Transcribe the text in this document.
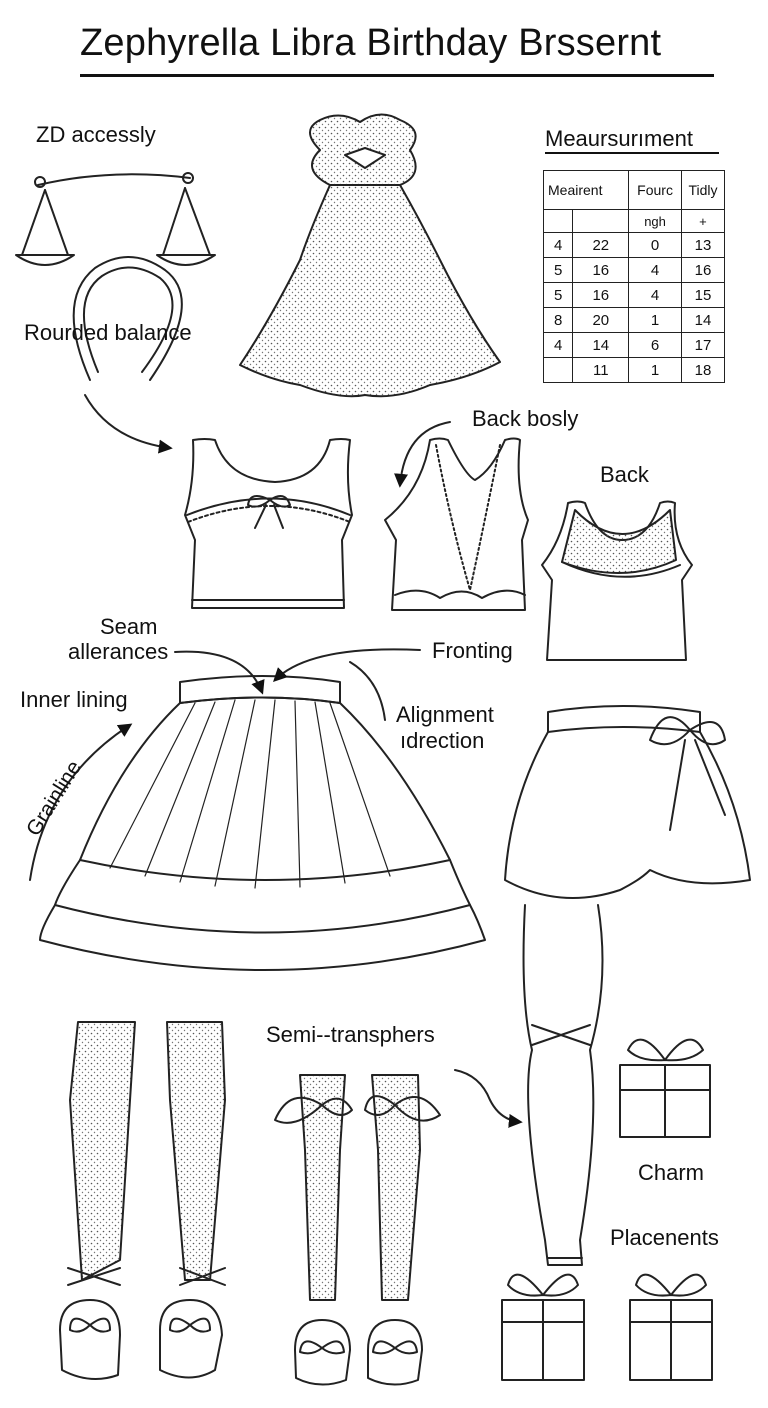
Zephyrella Libra Birthday Brssernt
ZD accessly
Rourded balance
Back bosly
Back
Seam
allerances	Fronting
Inner lining
Alignment
ıdrection
Grainline
Semi--transphers
Charm
Placenents
Meaursurıment
Meairent		Fourc	Tidly
		ngh	+
4	22	0	13
5	16	4	16
5	16	4	15
8	20	1	14
4	14	6	17
	11	1	18
